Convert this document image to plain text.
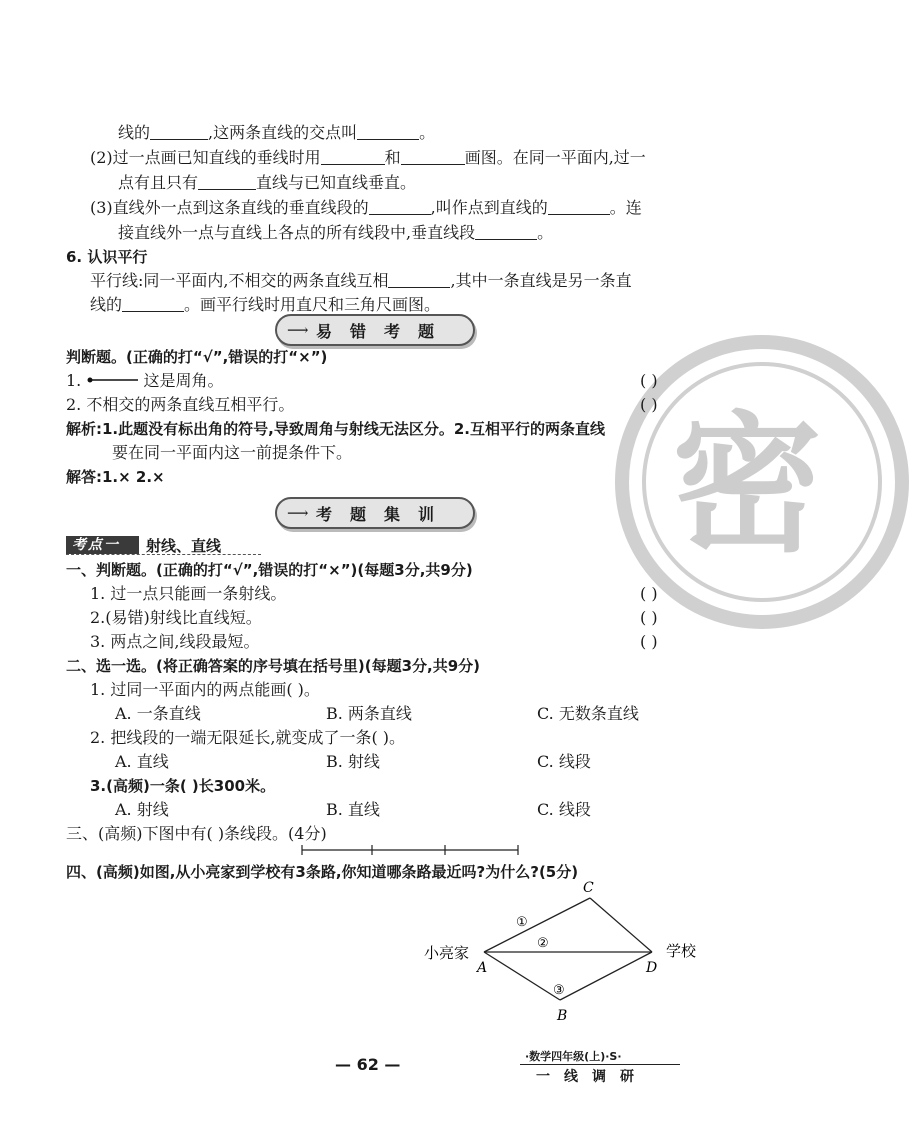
密
线的	,这两条直线的交点叫	。
(2)过一点画已知直线的垂线时用	和	画图。在同一平面内,过一
点有且只有	直线与已知直线垂直。
(3)直线外一点到这条直线的垂直线段的	,叫作点到直线的	。连
接直线外一点与直线上各点的所有线段中,垂直线段	。
6. 认识平行
平行线:同一平面内,不相交的两条直线互相	,其中一条直线是另一条直
线的	。画平行线时用直尺和三角尺画图。
⟶ 易错考题
判断题。(正确的打“√”,错误的打“×”)
1.	这是周角。	( )
2. 不相交的两条直线互相平行。	( )
解析:1.此题没有标出角的符号,导致周角与射线无法区分。2.互相平行的两条直线
要在同一平面内这一前提条件下。
解答:1.× 2.×
⟶ 考题集训
考点一	射线、直线
一、判断题。(正确的打“√”,错误的打“×”)(每题3分,共9分)
1. 过一点只能画一条射线。	( )
2.(易错)射线比直线短。	( )
3. 两点之间,线段最短。	( )
二、选一选。(将正确答案的序号填在括号里)(每题3分,共9分)
1. 过同一平面内的两点能画( )。
A. 一条直线	B. 两条直线	C. 无数条直线
2. 把线段的一端无限延长,就变成了一条( )。
A. 直线	B. 射线	C. 线段
3.(高频)一条( )长300米。
A. 射线	B. 直线	C. 线段
三、(高频)下图中有( )条线段。(4分)
四、(高频)如图,从小亮家到学校有3条路,你知道哪条路最近吗?为什么?(5分)
小亮家	学校
A
C
D
B
①
②
③
— 62 —	·数学四年级(上)·S·
一线调研
